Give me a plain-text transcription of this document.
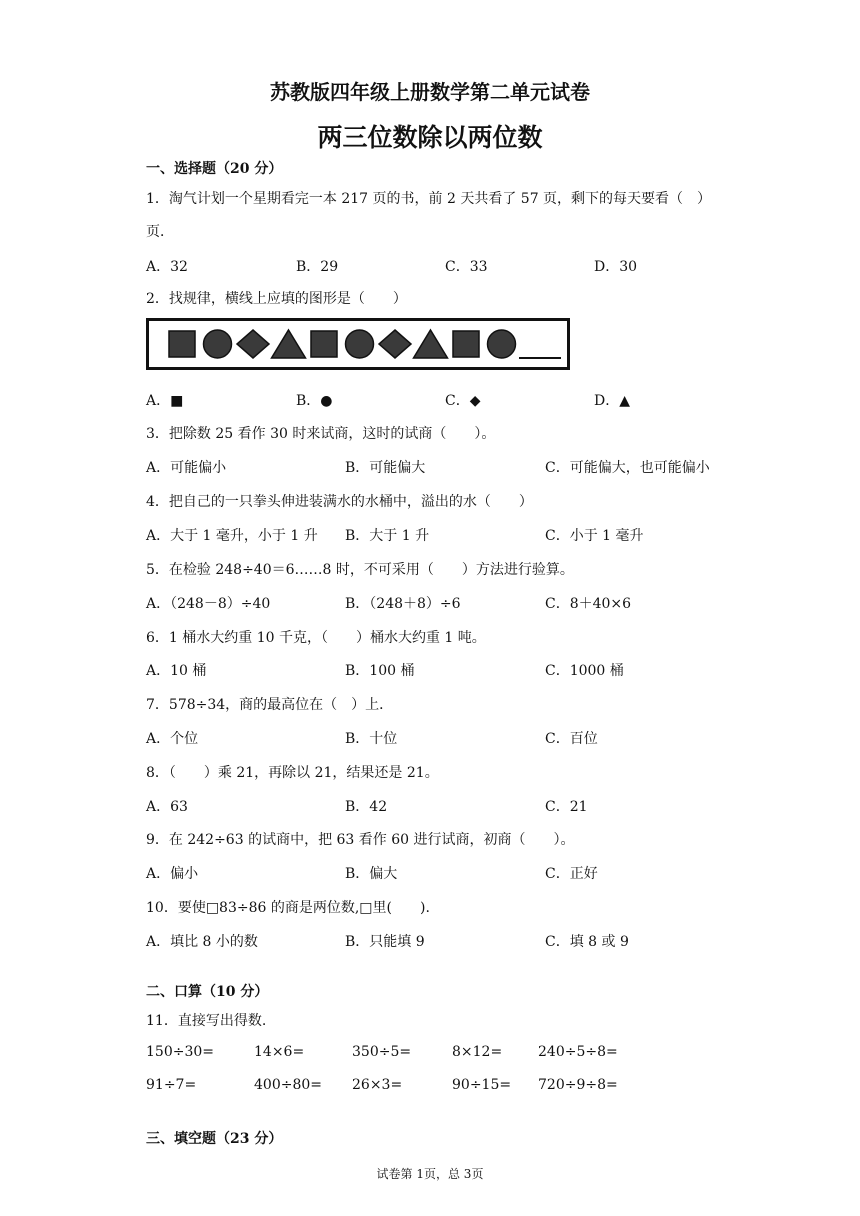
苏教版四年级上册数学第二单元试卷
两三位数除以两位数
一、选择题（20 分）
1．淘气计划一个星期看完一本 217 页的书，前 2 天共看了 57 页，剩下的每天要看（　）
页．
A．32	B．29	C．33	D．30
2．找规律，横线上应填的图形是（　　）
A．■	B．●	C．◆	D．▲
3．把除数 25 看作 30 时来试商，这时的试商（　　）。
A．可能偏小	B．可能偏大	C．可能偏大，也可能偏小
4．把自己的一只拳头伸进装满水的水桶中，溢出的水（　　）
A．大于 1 毫升，小于 1 升 B．大于 1 升	C．小于 1 毫升
5．在检验 248÷40＝6……8 时，不可采用（　　）方法进行验算。
A．（248－8）÷40	B．（248＋8）÷6	C．8＋40×6
6．1 桶水大约重 10 千克，（　　）桶水大约重 1 吨。
A．10 桶	B．100 桶	C．1000 桶
7．578÷34，商的最高位在（　）上．
A．个位	B．十位	C．百位
8．（　　）乘 21，再除以 21，结果还是 21。
A．63	B．42	C．21
9．在 242÷63 的试商中，把 63 看作 60 进行试商，初商（　　）。
A．偏小	B．偏大	C．正好
10．要使□83÷86 的商是两位数,□里(　　).
A．填比 8 小的数	B．只能填 9	C．填 8 或 9
二、口算（10 分）
11．直接写出得数.
150÷30=	14×6=	350÷5=	8×12=	240÷5÷8=
91÷7=	400÷80= 26×3=	90÷15= 720÷9÷8=
三、填空题（23 分）
试卷第 1页，总 3页
